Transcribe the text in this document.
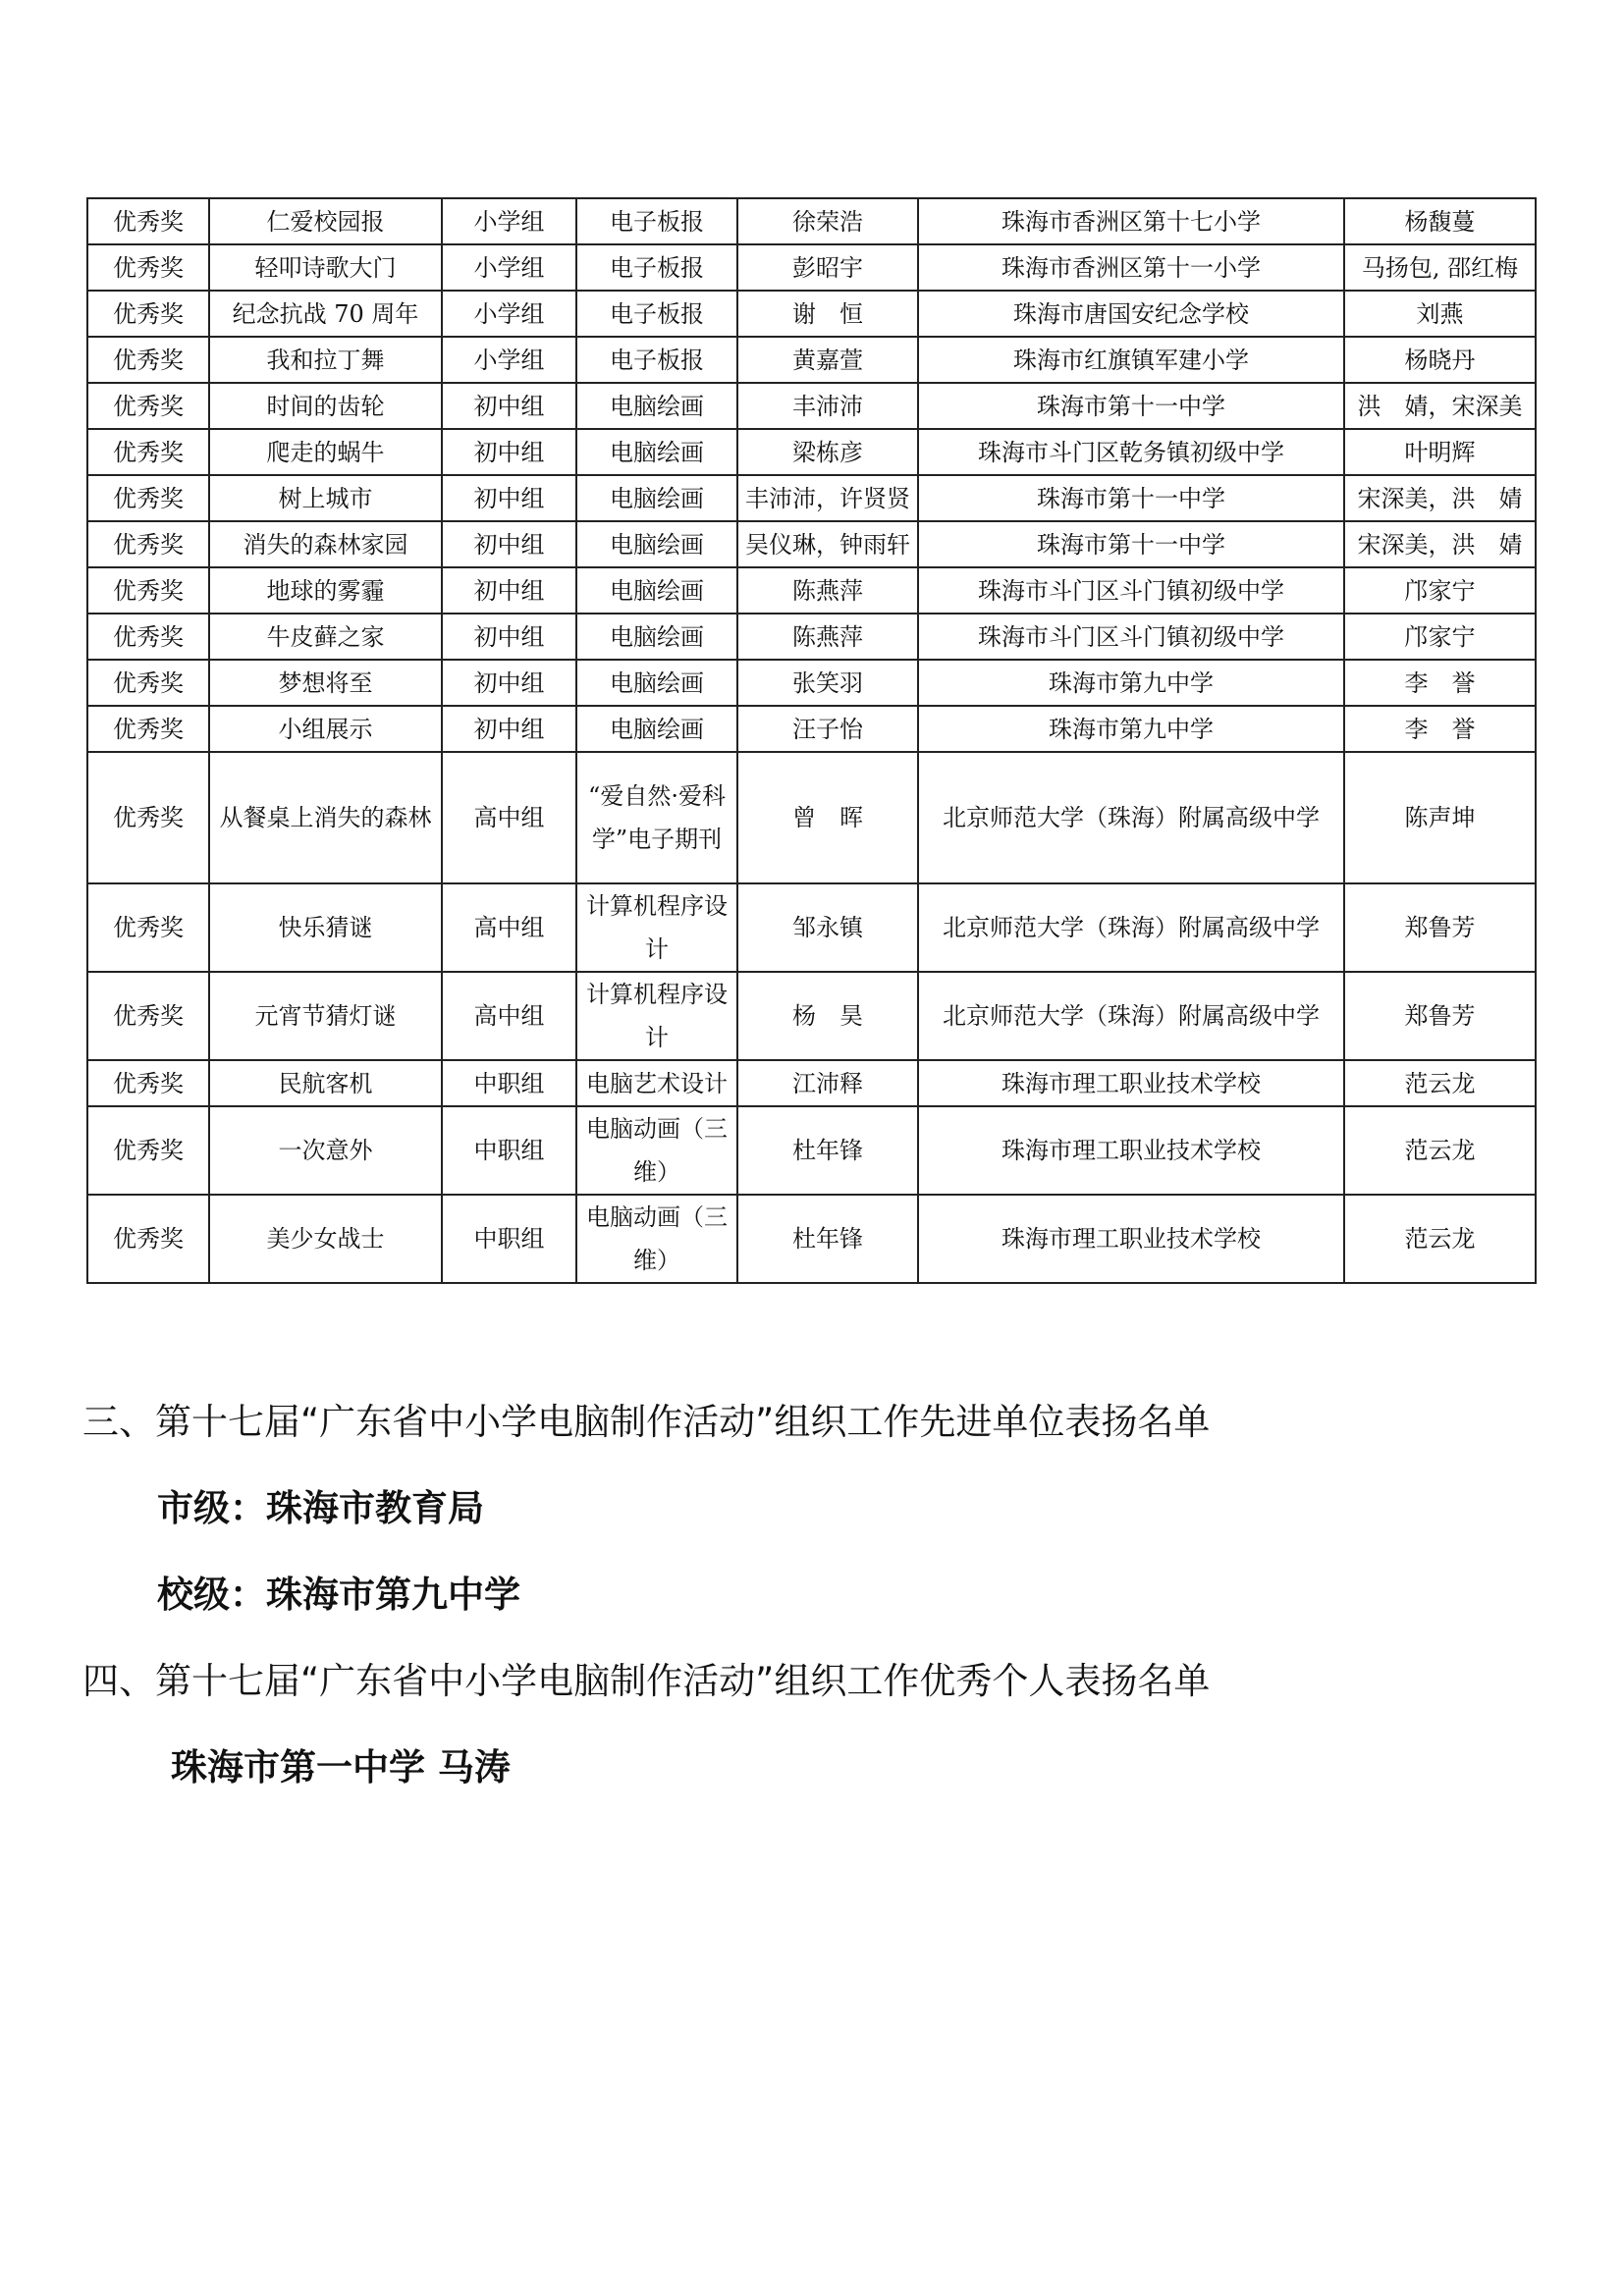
优秀奖	仁爱校园报	小学组	电子板报	徐荣浩	珠海市香洲区第十七小学	杨馥蔓
优秀奖	轻叩诗歌大门	小学组	电子板报	彭昭宇	珠海市香洲区第十一小学	马扬包, 邵红梅
优秀奖	纪念抗战 70 周年	小学组	电子板报	谢　恒	珠海市唐国安纪念学校	刘燕
优秀奖	我和拉丁舞	小学组	电子板报	黄嘉萱	珠海市红旗镇军建小学	杨晓丹
优秀奖	时间的齿轮	初中组	电脑绘画	丰沛沛	珠海市第十一中学	洪　婧，宋深美
优秀奖	爬走的蜗牛	初中组	电脑绘画	梁栋彦	珠海市斗门区乾务镇初级中学	叶明辉
优秀奖	树上城市	初中组	电脑绘画	丰沛沛，许贤贤	珠海市第十一中学	宋深美，洪　婧
优秀奖	消失的森林家园	初中组	电脑绘画	吴仪琳，钟雨轩	珠海市第十一中学	宋深美，洪　婧
优秀奖	地球的雾霾	初中组	电脑绘画	陈燕萍	珠海市斗门区斗门镇初级中学	邝家宁
优秀奖	牛皮藓之家	初中组	电脑绘画	陈燕萍	珠海市斗门区斗门镇初级中学	邝家宁
优秀奖	梦想将至	初中组	电脑绘画	张笑羽	珠海市第九中学	李　誉
优秀奖	小组展示	初中组	电脑绘画	汪子怡	珠海市第九中学	李　誉
优秀奖	从餐桌上消失的森林	高中组	“爱自然·爱科学”电子期刊	曾　晖	北京师范大学（珠海）附属高级中学	陈声坤
优秀奖	快乐猜谜	高中组	计算机程序设计	邹永镇	北京师范大学（珠海）附属高级中学	郑鲁芳
优秀奖	元宵节猜灯谜	高中组	计算机程序设计	杨　昊	北京师范大学（珠海）附属高级中学	郑鲁芳
优秀奖	民航客机	中职组	电脑艺术设计	江沛释	珠海市理工职业技术学校	范云龙
优秀奖	一次意外	中职组	电脑动画（三维）	杜年锋	珠海市理工职业技术学校	范云龙
优秀奖	美少女战士	中职组	电脑动画（三维）	杜年锋	珠海市理工职业技术学校	范云龙
三、第十七届“广东省中小学电脑制作活动”组织工作先进单位表扬名单
市级：珠海市教育局
校级：珠海市第九中学
四、第十七届“广东省中小学电脑制作活动”组织工作优秀个人表扬名单
珠海市第一中学 马涛
